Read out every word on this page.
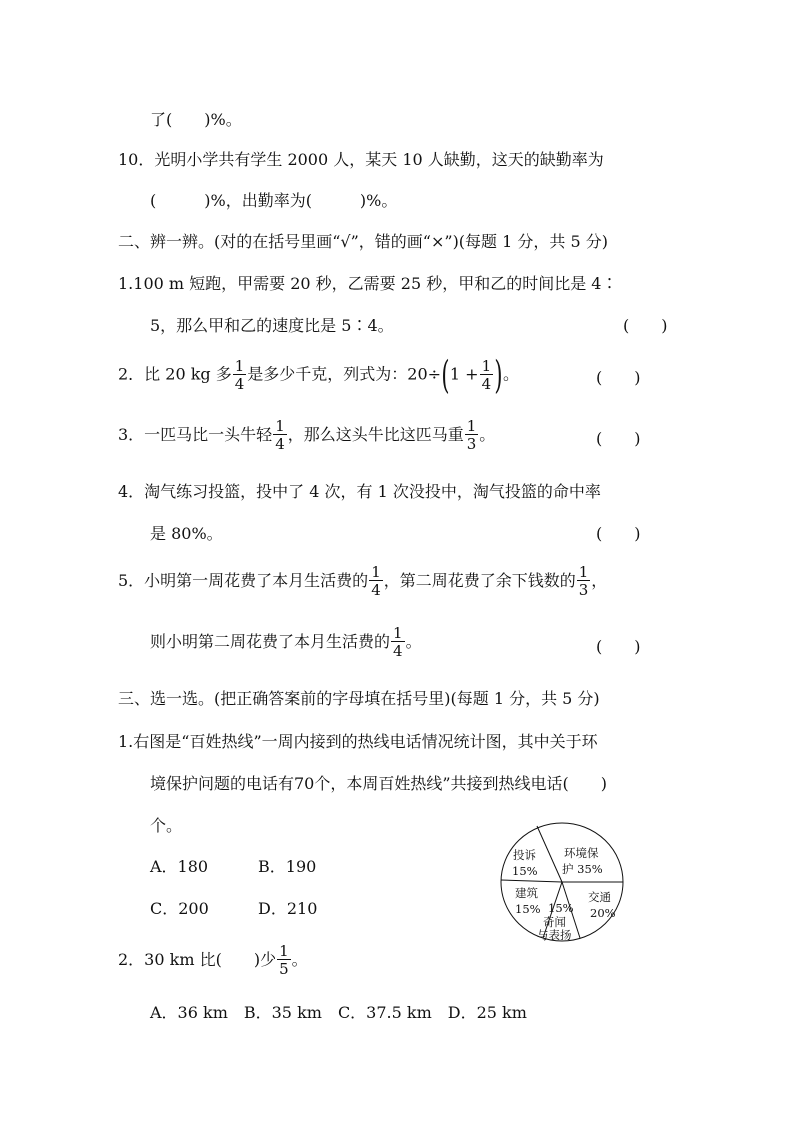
了(　　)%。
10．光明小学共有学生 2000 人，某天 10 人缺勤，这天的缺勤率为
(　　　)%，出勤率为(　　　)%。
二、辨一辨。(对的在括号里画“√”，错的画“×”)(每题 1 分，共 5 分)
1.100 m 短跑，甲需要 20 秒，乙需要 25 秒，甲和乙的时间比是 4∶
5，那么甲和乙的速度比是 5∶4。	(　　)
2．比 20 kg 多 $\frac{1}{4}$ 是多少千克，列式为：$20\div(1 + \frac{1}{4}$ )。	(　　)
3．一匹马比一头牛轻 $\frac{1}{4}$ ，那么这头牛比这匹马重 $\frac{1}{3}$ 。	(　　)
4．淘气练习投篮，投中了 4 次，有 1 次没投中，淘气投篮的命中率
是 80%。	(　　)
5．小明第一周花费了本月生活费的 $\frac{1}{4}$ ，第二周花费了余下钱数的 $\frac{1}{3}$ ，
则小明第二周花费了本月生活费的 $\frac{1}{4}$ 。	(　　)
三、选一选。(把正确答案前的字母填在括号里)(每题 1 分，共 5 分)
1.右图是“百姓热线”一周内接到的热线电话情况统计图，其中关于环
境保护问题的电话有70个，本周百姓热线”共接到热线电话(　　)
个。
A．180	B．190
C．200	D．210
环境保
护 35%
交通
20%
投诉
15%
建筑
15% 15%
奇闻
与表扬
2．30 km 比(　　)少 $\frac{1}{5}$ 。
A．36 km　B．35 km　C．37.5 km　D．25 km
